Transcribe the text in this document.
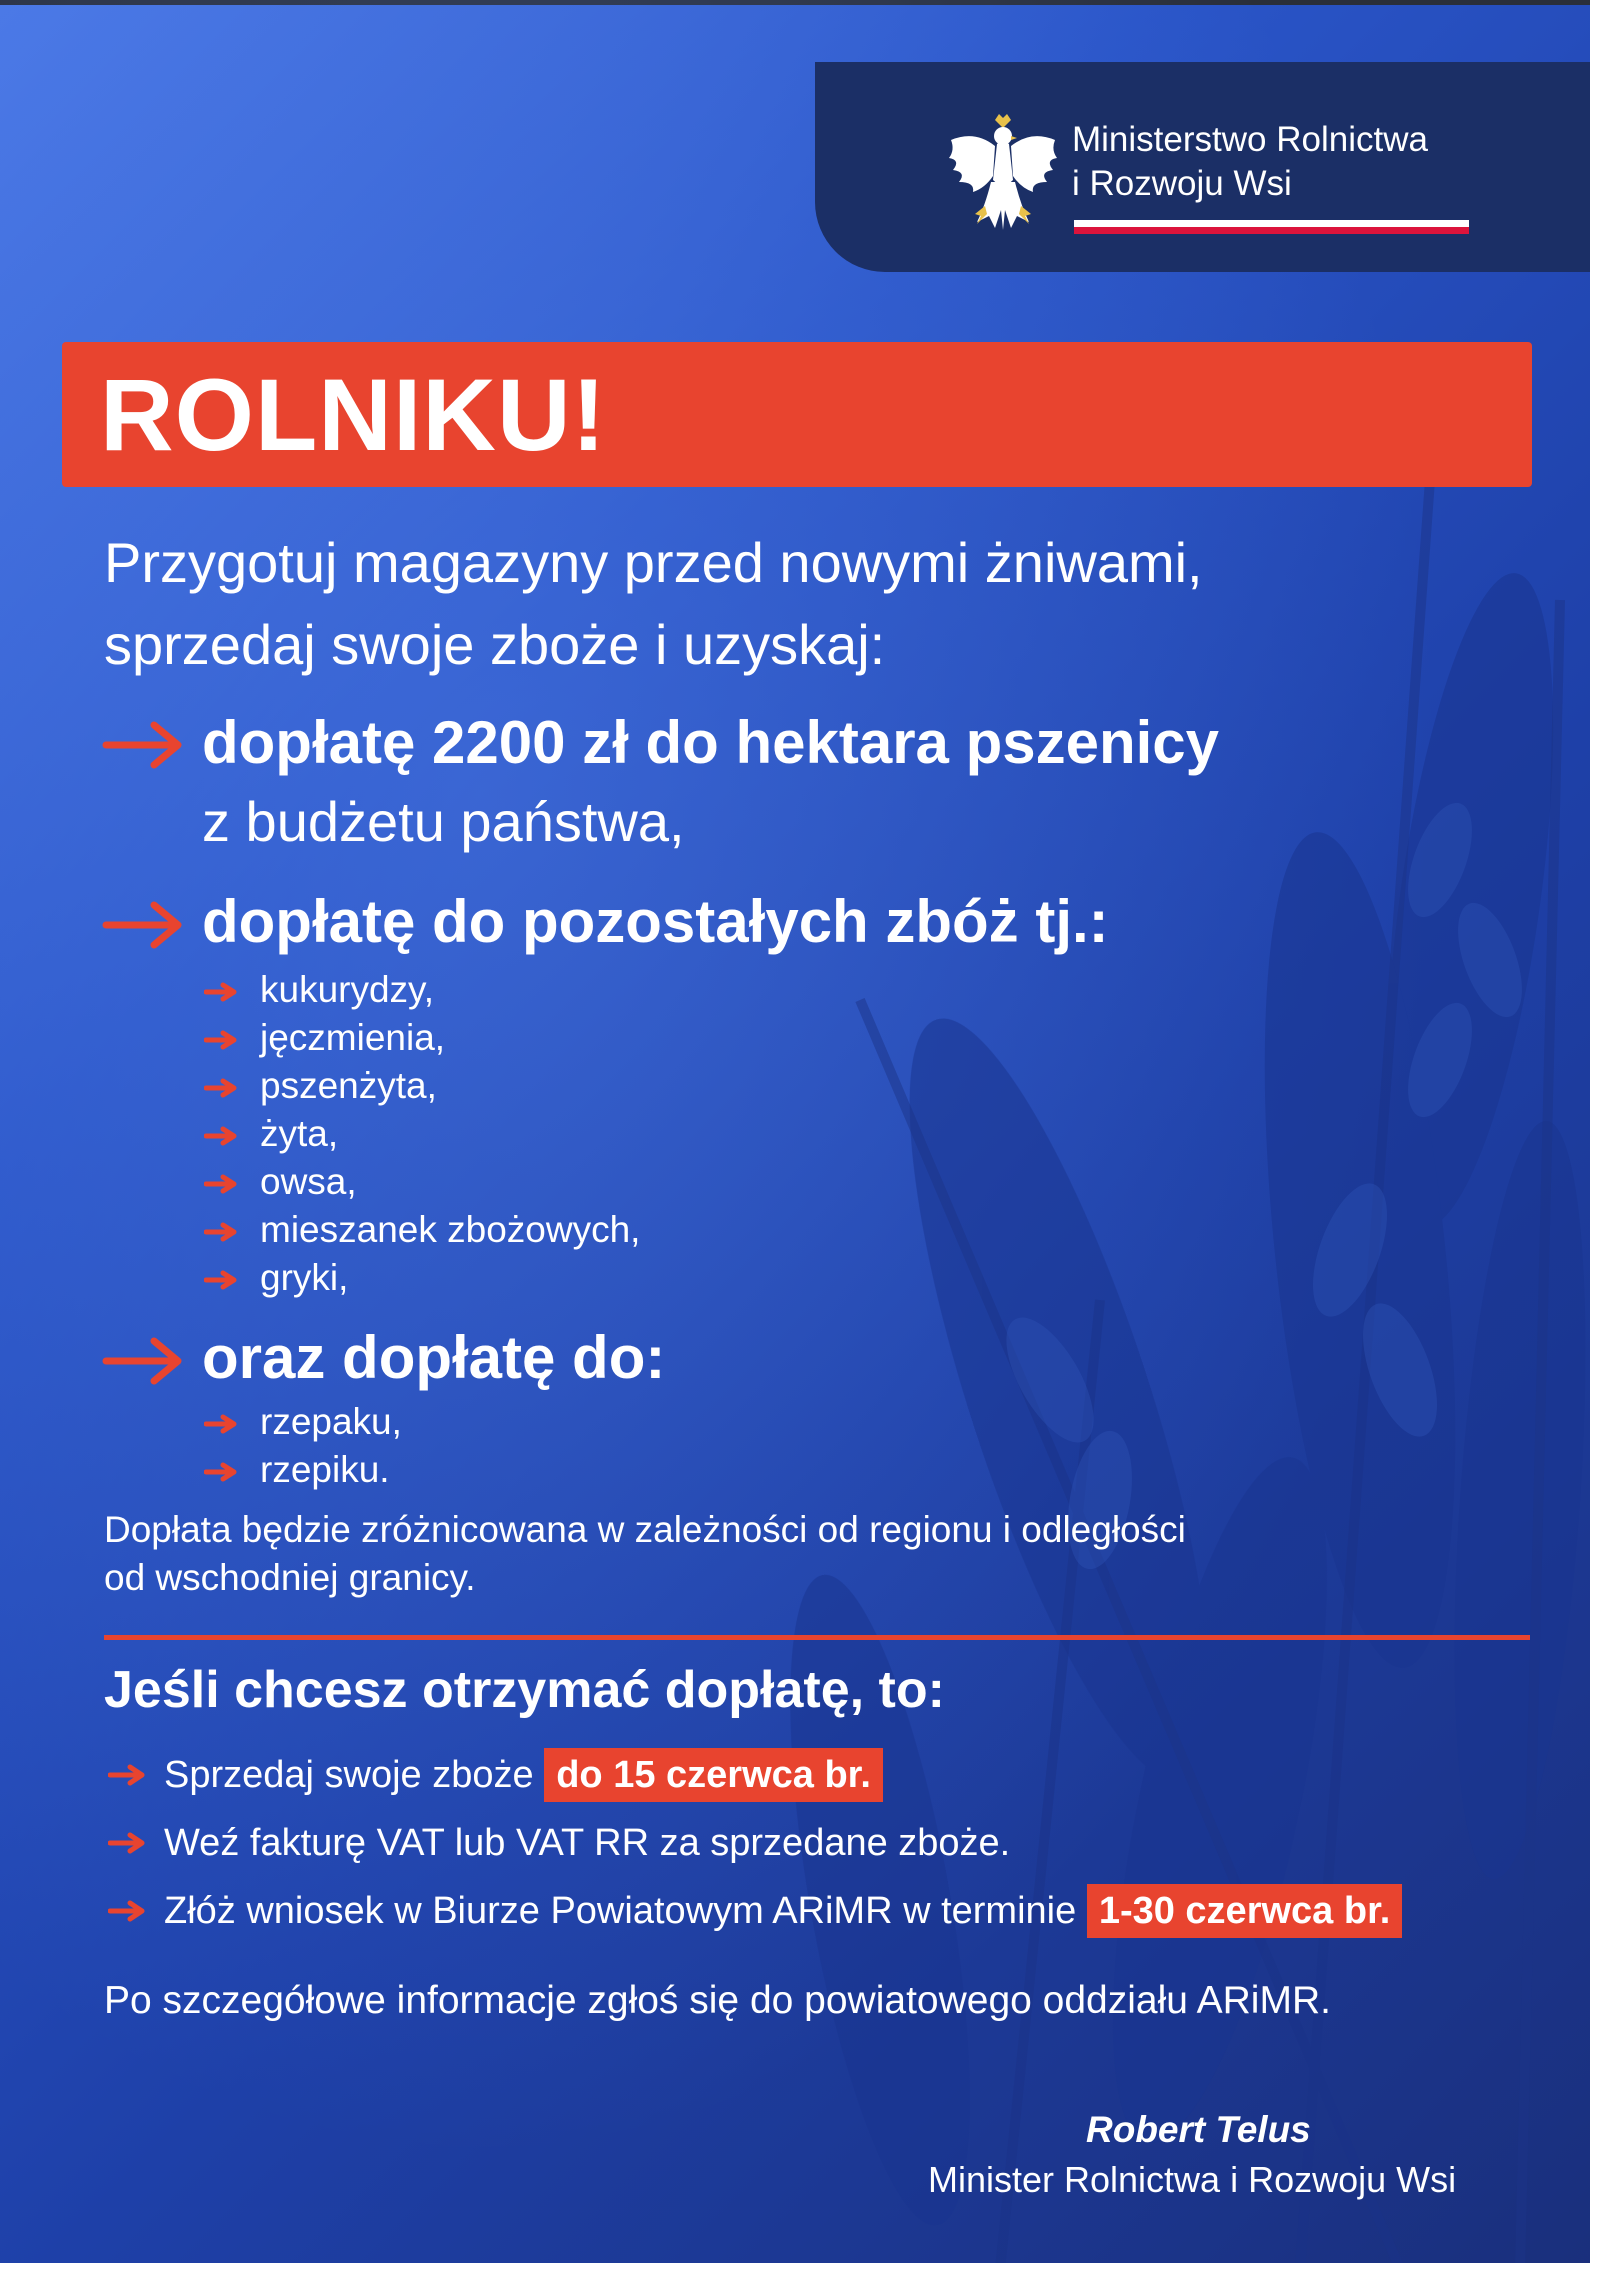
Ministerstwo Rolnictwa
i Rozwoju Wsi
ROLNIKU!
Przygotuj magazyny przed nowymi żniwami,
sprzedaj swoje zboże i uzyskaj:
dopłatę 2200 zł do hektara pszenicy
z budżetu państwa,
dopłatę do pozostałych zbóż tj.:
kukurydzy,
jęczmienia,
pszenżyta,
żyta,
owsa,
mieszanek zbożowych,
gryki,
oraz dopłatę do:
rzepaku,
rzepiku.
Dopłata będzie zróżnicowana w zależności od regionu i odległości
od wschodniej granicy.
Jeśli chcesz otrzymać dopłatę, to:
Sprzedaj swoje zboże do 15 czerwca br.
Weź fakturę VAT lub VAT RR za sprzedane zboże.
Złóż wniosek w Biurze Powiatowym ARiMR w terminie 1-30 czerwca br.
Po szczegółowe informacje zgłoś się do powiatowego oddziału ARiMR.
Robert Telus
Minister Rolnictwa i Rozwoju Wsi
